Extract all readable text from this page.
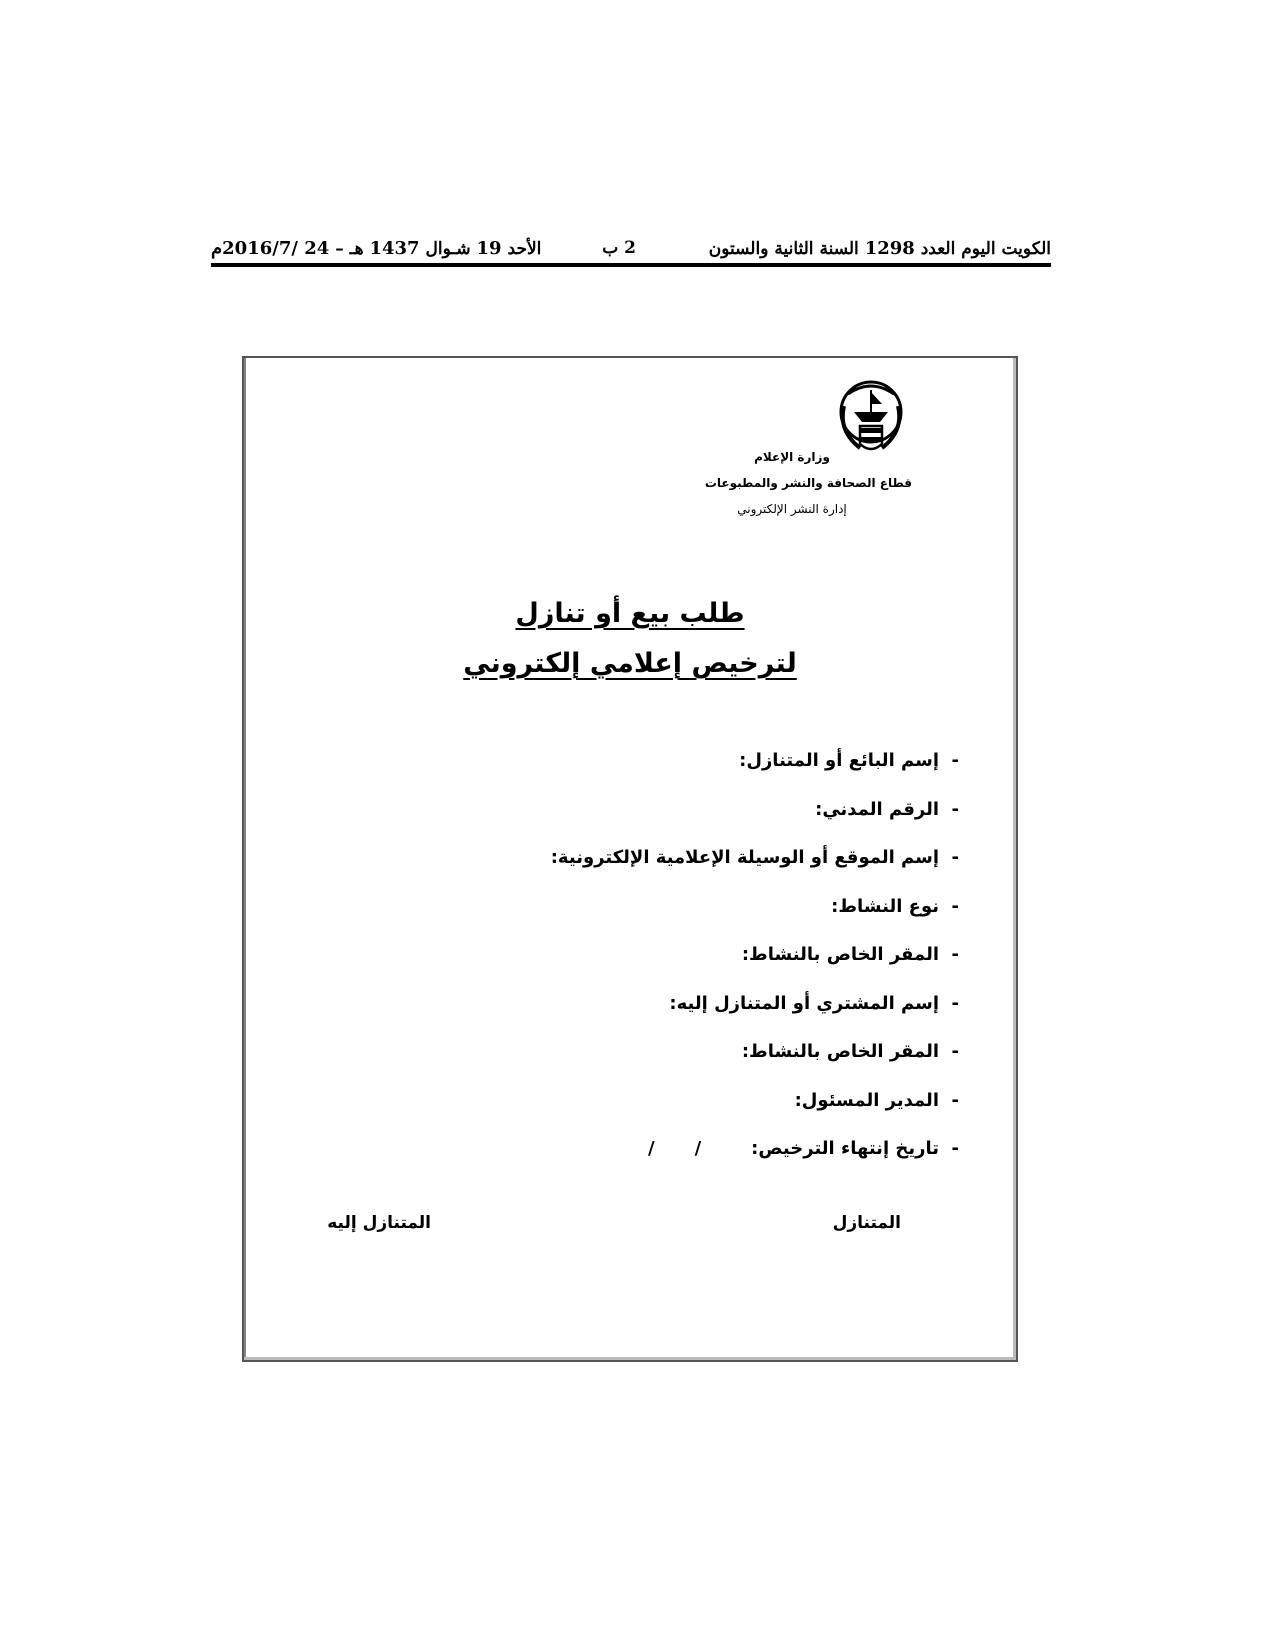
الكويت اليوم العدد 1298 السنة الثانية والستون
2 ب
الأحد 19 شـوال 1437 هـ – 24 /2016/7م
وزارة الإعلام
قطاع الصحافة والنشر والمطبوعات
إدارة النشر الإلكتروني
طلب بيع أو تنازل
لترخيص إعلامي إلكتروني
-إسم البائع أو المتنازل:
-الرقم المدني:
-إسم الموقع أو الوسيلة الإعلامية الإلكترونية:
-نوع النشاط:
-المقر الخاص بالنشاط:
-إسم المشتري أو المتنازل إليه:
-المقر الخاص بالنشاط:
-المدير المسئول:
-تاريخ إنتهاء الترخيص://
المتنازل
المتنازل إليه
